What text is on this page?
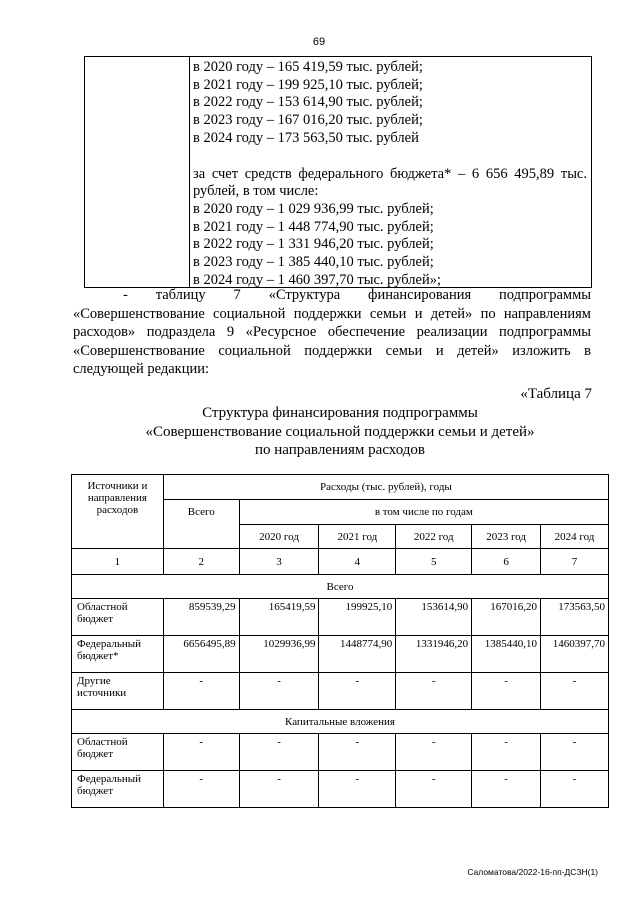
69
в 2020 году – 165 419,59 тыс. рублей;
в 2021 году – 199 925,10 тыс. рублей;
в 2022 году – 153 614,90 тыс. рублей;
в 2023 году – 167 016,20 тыс. рублей;
в 2024 году – 173 563,50 тыс. рублей
за счет средств федерального бюджета* – 6 656 495,89 тыс.
рублей, в том числе:
в 2020 году – 1 029 936,99 тыс. рублей;
в 2021 году – 1 448 774,90 тыс. рублей;
в 2022 году – 1 331 946,20 тыс. рублей;
в 2023 году – 1 385 440,10 тыс. рублей;
в 2024 году – 1 460 397,70 тыс. рублей»;
- таблицу 7 «Структура финансирования подпрограммы
«Совершенствование социальной поддержки семьи и детей» по направлениям
расходов» подраздела 9 «Ресурсное обеспечение реализации подпрограммы
«Совершенствование социальной поддержки семьи и детей» изложить в
следующей редакции:
«Таблица 7
Структура финансирования подпрограммы
«Совершенствование социальной поддержки семьи и детей»
по направлениям расходов
Источники и направления расходов	Расходы (тыс. рублей), годы					
	Всего	в том числе по годам				
		2020 год	2021 год	2022 год	2023 год	2024 год
1	2	3	4	5	6	7
Всего						
Областной бюджет	859539,29	165419,59	199925,10	153614,90	167016,20	173563,50
Федеральный бюджет*	6656495,89	1029936,99	1448774,90	1331946,20	1385440,10	1460397,70
Другие источники	-	-	-	-	-	-
Капитальные вложения						
Областной бюджет	-	-	-	-	-	-
Федеральный бюджет	-	-	-	-	-	-
Саломатова/2022-16-пп-ДСЗН(1)
